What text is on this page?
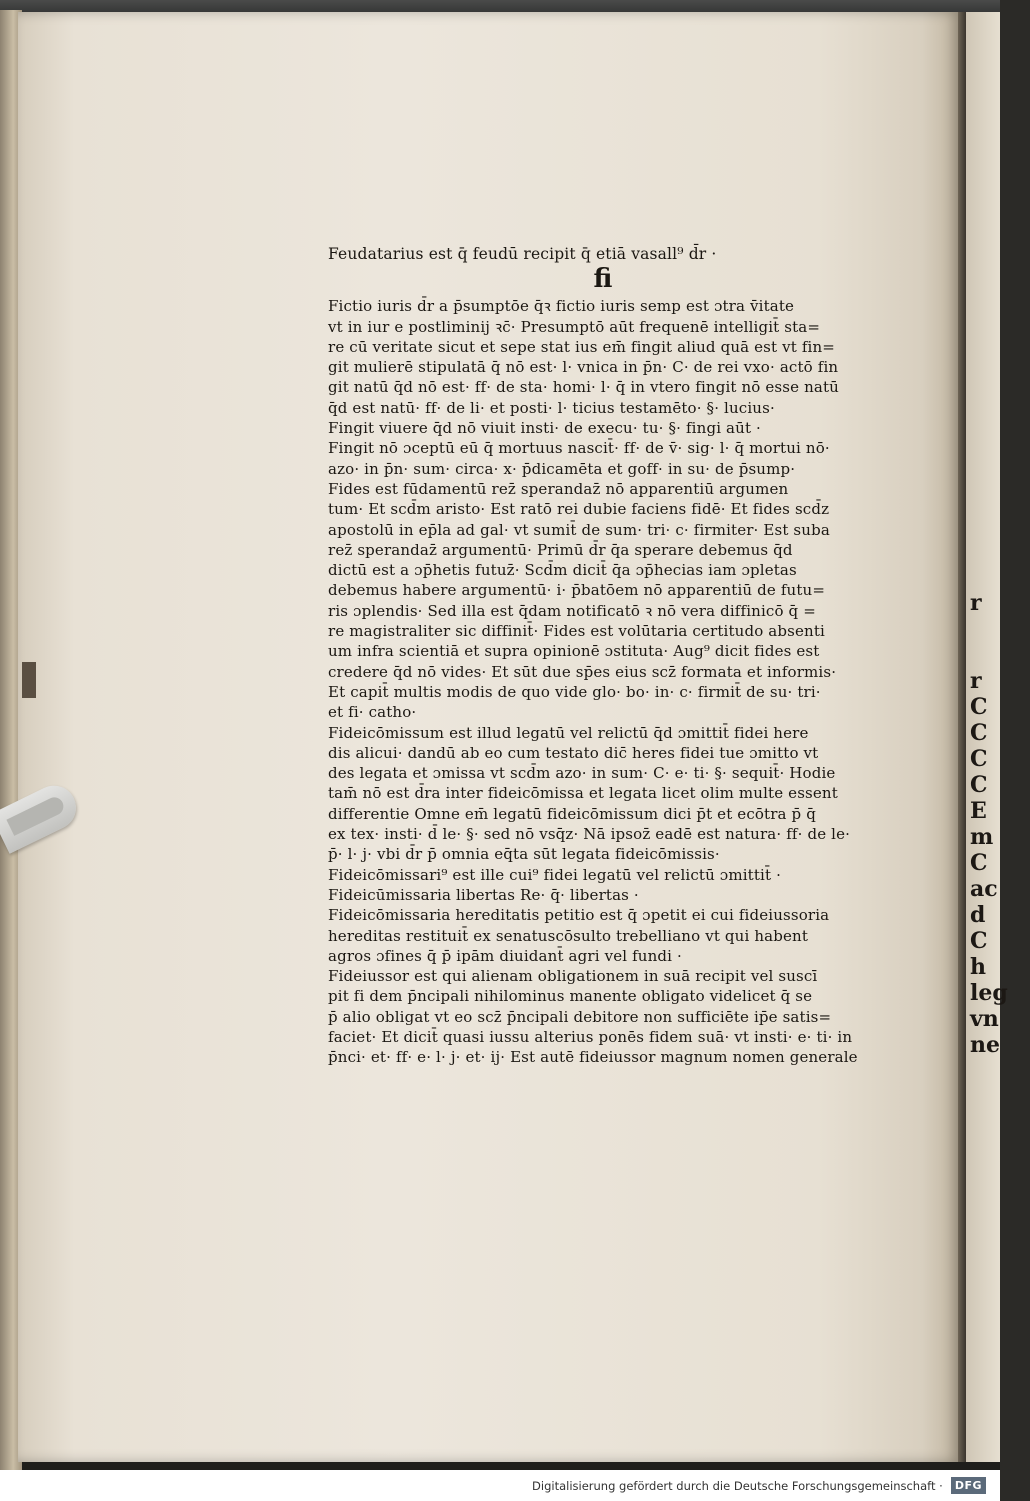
r

r
C
C
C
C
E
m
C
ac
d
C
h
leg
vn
ne
Feudatarius est q̄ feudū recipit q̄ etiā vasall⁹ d̄r ·
fi
Fictio iuris d̄r a p̄sumptōe q̄ꝛ fictio iuris semp est ɔtra v̄itate
vt in iur e postliminij ꝛc̄· Presumptō aūt frequenē intelligit̄ sta=
re cū veritate sicut et sepe stat ius em̄ fingit aliud quā est vt fin=
git mulierē stipulatā q̄ nō est· l· vnica in p̄n· C· de rei vxo· actō fin
git natū q̄d nō est· ff· de sta· homi· l· q̄ in vtero fingit nō esse natū
q̄d est natū· ff· de li· et posti· l· ticius testamēto· §· lucius·
Fingit viuere q̄d nō viuit insti· de execu· tu· §· fingi aūt ·
Fingit nō ɔceptū eū q̄ mortuus nascit̄· ff· de v̄· sig· l· q̄ mortui nō·
azo· in p̄n· sum· circa· x· p̄dicamēta et goff· in su· de p̄sump·
Fides est fūdamentū rez̄ sperandaz̄ nō apparentiū argumen
tum· Et scd̄m aristo· Est ratō rei dubie faciens fidē· Et fides scd̄z
apostolū in ep̄la ad gal· vt sumit̄ de sum· tri· c· firmiter· Est suba
rez̄ sperandaz̄ argumentū· Primū d̄r q̄a sperare debemus q̄d
dictū est a ɔp̄hetis futuz̄· Scd̄m dicit̄ q̄a ɔp̄hecias iam ɔpletas
debemus habere argumentū· i· p̄batōem nō apparentiū de futu=
ris ɔplendis· Sed illa est q̄dam notificatō ꝛ nō vera diffinicō q̄ =
re magistraliter sic diffinit̄· Fides est volūtaria certitudo absenti
um infra scientiā et supra opinionē ɔstituta· Aug⁹ dicit fides est
credere q̄d nō vides· Et sūt due sp̄es eius scz̄ formata et informis·
Et capit̄ multis modis de quo vide glo· bo· in· c· firmit̄ de su· tri·
et fi· catho·
Fideicōmissum est illud legatū vel relictū q̄d ɔmittit̄ fidei here
dis alicui· dandū ab eo cum testato dic̄ heres fidei tue ɔmitto vt
des legata et ɔmissa vt scd̄m azo· in sum· C· e· ti· §· sequit̄· Hodie
tam̄ nō est d̄ra inter fideicōmissa et legata licet olim multe essent
differentie Omne em̄ legatū fideicōmissum dici p̄t et ecōtra p̄ q̄
ex tex· insti· d̄ le· §· sed nō vsq̄z· Nā ipsoz̄ eadē est natura· ff· de le·
p̄· l· j· vbi d̄r p̄ omnia eq̄ta sūt legata fideicōmissis·
Fideicōmissari⁹ est ille cui⁹ fidei legatū vel relictū ɔmittit̄ ·
Fideicūmissaria libertas Re· q̄· libertas ·
Fideicōmissaria hereditatis petitio est q̄ ɔpetit ei cui fideiussoria
hereditas restituit̄ ex senatuscōsulto trebelliano vt qui habent
agros ɔfines q̄ p̄ ipām diuidant̄ agri vel fundi ·
Fideiussor est qui alienam obligationem in suā recipit vel suscī
pit fi dem p̄ncipali nihilominus manente obligato videlicet q̄ se
p̄ alio obligat vt eo scz̄ p̄ncipali debitore non sufficiēte ip̄e satis=
faciet· Et dicit̄ quasi iussu alterius ponēs fidem suā· vt insti· e· ti· in
p̄nci· et· ff· e· l· j· et· ij· Est autē fideiussor magnum nomen generale
Digitalisierung gefördert durch die Deutsche Forschungsgemeinschaft ·	DFG
